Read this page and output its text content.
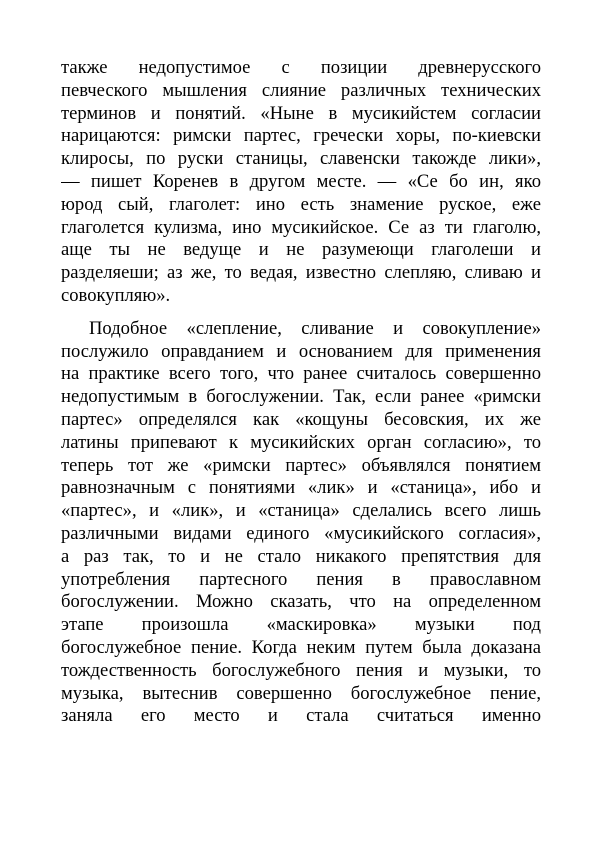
также недопустимое с позиции древнерусского
певческого мышления слияние различных технических
терминов и понятий. «Ныне в мусикийстем согласии
нарицаются: римски партес, гречески хоры, по-киевски
клиросы, по руски станицы, славенски такожде лики»,
— пишет Коренев в другом месте. — «Се бо ин, яко
юрод сый, глаголет: ино есть знамение руское, еже
глаголется кулизма, ино мусикийское. Се аз ти глаголю,
аще ты не ведуще и не разумеющи глаголеши и
разделяеши; аз же, то ведая, известно слепляю, сливаю и
совокупляю».
Подобное «слепление, сливание и совокупление»
послужило оправданием и основанием для применения
на практике всего того, что ранее считалось совершенно
недопустимым в богослужении. Так, если ранее «римски
партес» определялся как «кощуны бесовския, их же
латины припевают к мусикийских орган согласию», то
теперь тот же «римски партес» объявлялся понятием
равнозначным с понятиями «лик» и «станица», ибо и
«партес», и «лик», и «станица» сделались всего лишь
различными видами единого «мусикийского согласия»,
а раз так, то и не стало никакого препятствия для
употребления партесного пения в православном
богослужении. Можно сказать, что на определенном
этапе произошла «маскировка» музыки под
богослужебное пение. Когда неким путем была доказана
тождественность богослужебного пения и музыки, то
музыка, вытеснив совершенно богослужебное пение,
заняла его место и стала считаться именно
